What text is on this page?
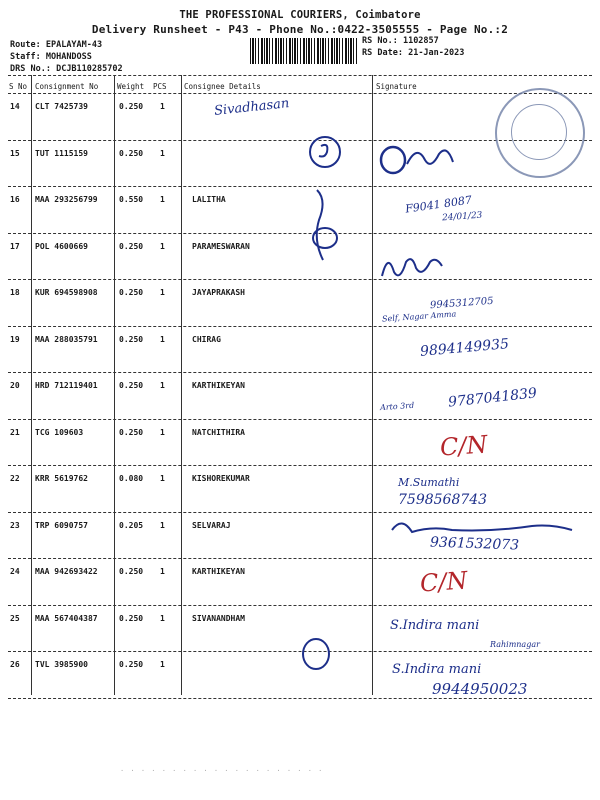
THE PROFESSIONAL COURIERS, Coimbatore
Delivery Runsheet - P43 - Phone No.:0422-3505555 - Page No.:2
Route: EPALAYAM-43
Staff: MOHANDOSS
DRS No.: DCJB110285702
RS No.: 1102857
RS Date: 21-Jan-2023
S No Consignment No	Weight PCS Consignee Details	Signature
14 CLT 7425739	0.250 1
15 TUT 1115159	0.250 1
16 MAA 293256799	0.550 1	LALITHA
17 POL 4600669	0.250 1	PARAMESWARAN
18 KUR 694598908	0.250 1	JAYAPRAKASH
19 MAA 288035791	0.250 1	CHIRAG
20 HRD 712119401	0.250 1	KARTHIKEYAN
21 TCG 109603	0.250 1	NATCHITHIRA
22 KRR 5619762	0.080 1	KISHOREKUMAR
23 TRP 6090757	0.205 1	SELVARAJ
24 MAA 942693422	0.250 1	KARTHIKEYAN
25 MAA 567404387	0.250 1	SIVANANDHAM
26 TVL 3985900	0.250 1
Sivadhasan
F9041 8087
24/01/23
9945312705
Self, Nagar Amma
9894149935
Arto 3rd 9787041839
C/N
M.Sumathi
7598568743
9361532073
C/N
S.Indira mani
Rahimnagar
S.Indira mani
9944950023
· · · · · · · · · · · · · · · · · · · ·
